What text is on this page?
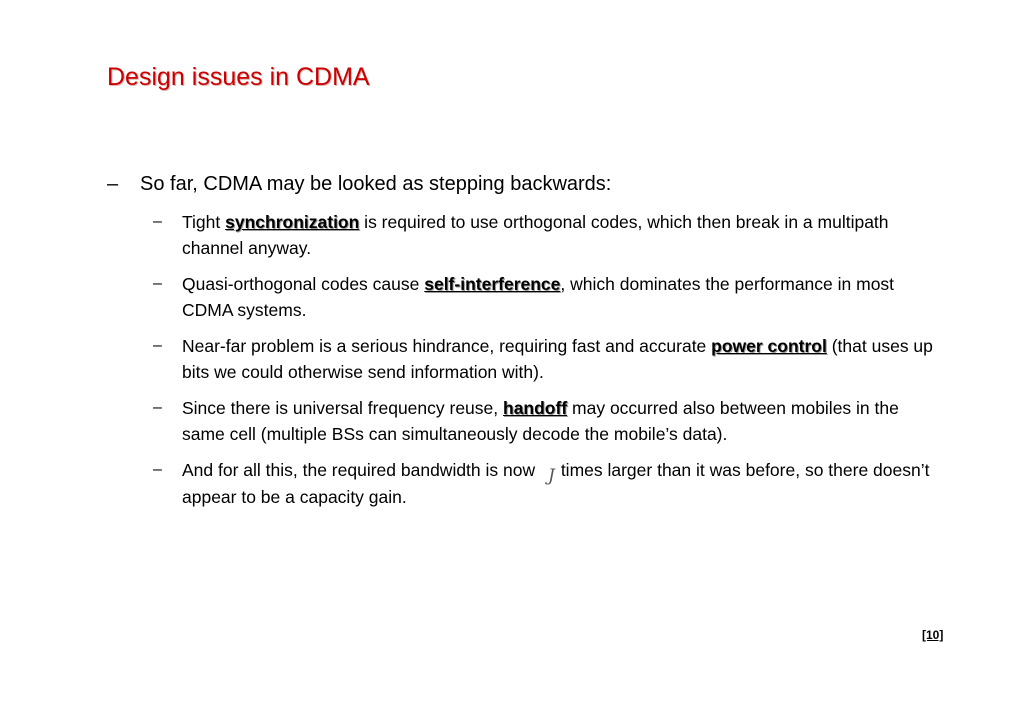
Design issues in CDMA
–	So far, CDMA may be looked as stepping backwards:
–	Tight synchronization is required to use orthogonal codes, which then break in a multipath channel anyway.
–	Quasi-orthogonal codes cause self-interference, which dominates the performance in most CDMA systems.
–	Near-far problem is a serious hindrance, requiring fast and accurate power control (that uses up bits we could otherwise send information with).
–	Since there is universal frequency reuse, handoff may occurred also between mobiles in the same cell (multiple BSs can simultaneously decode the mobile’s data).
–	And for all this, the required bandwidth is now J times larger than it was before, so there doesn’t appear to be a capacity gain.
[10]
